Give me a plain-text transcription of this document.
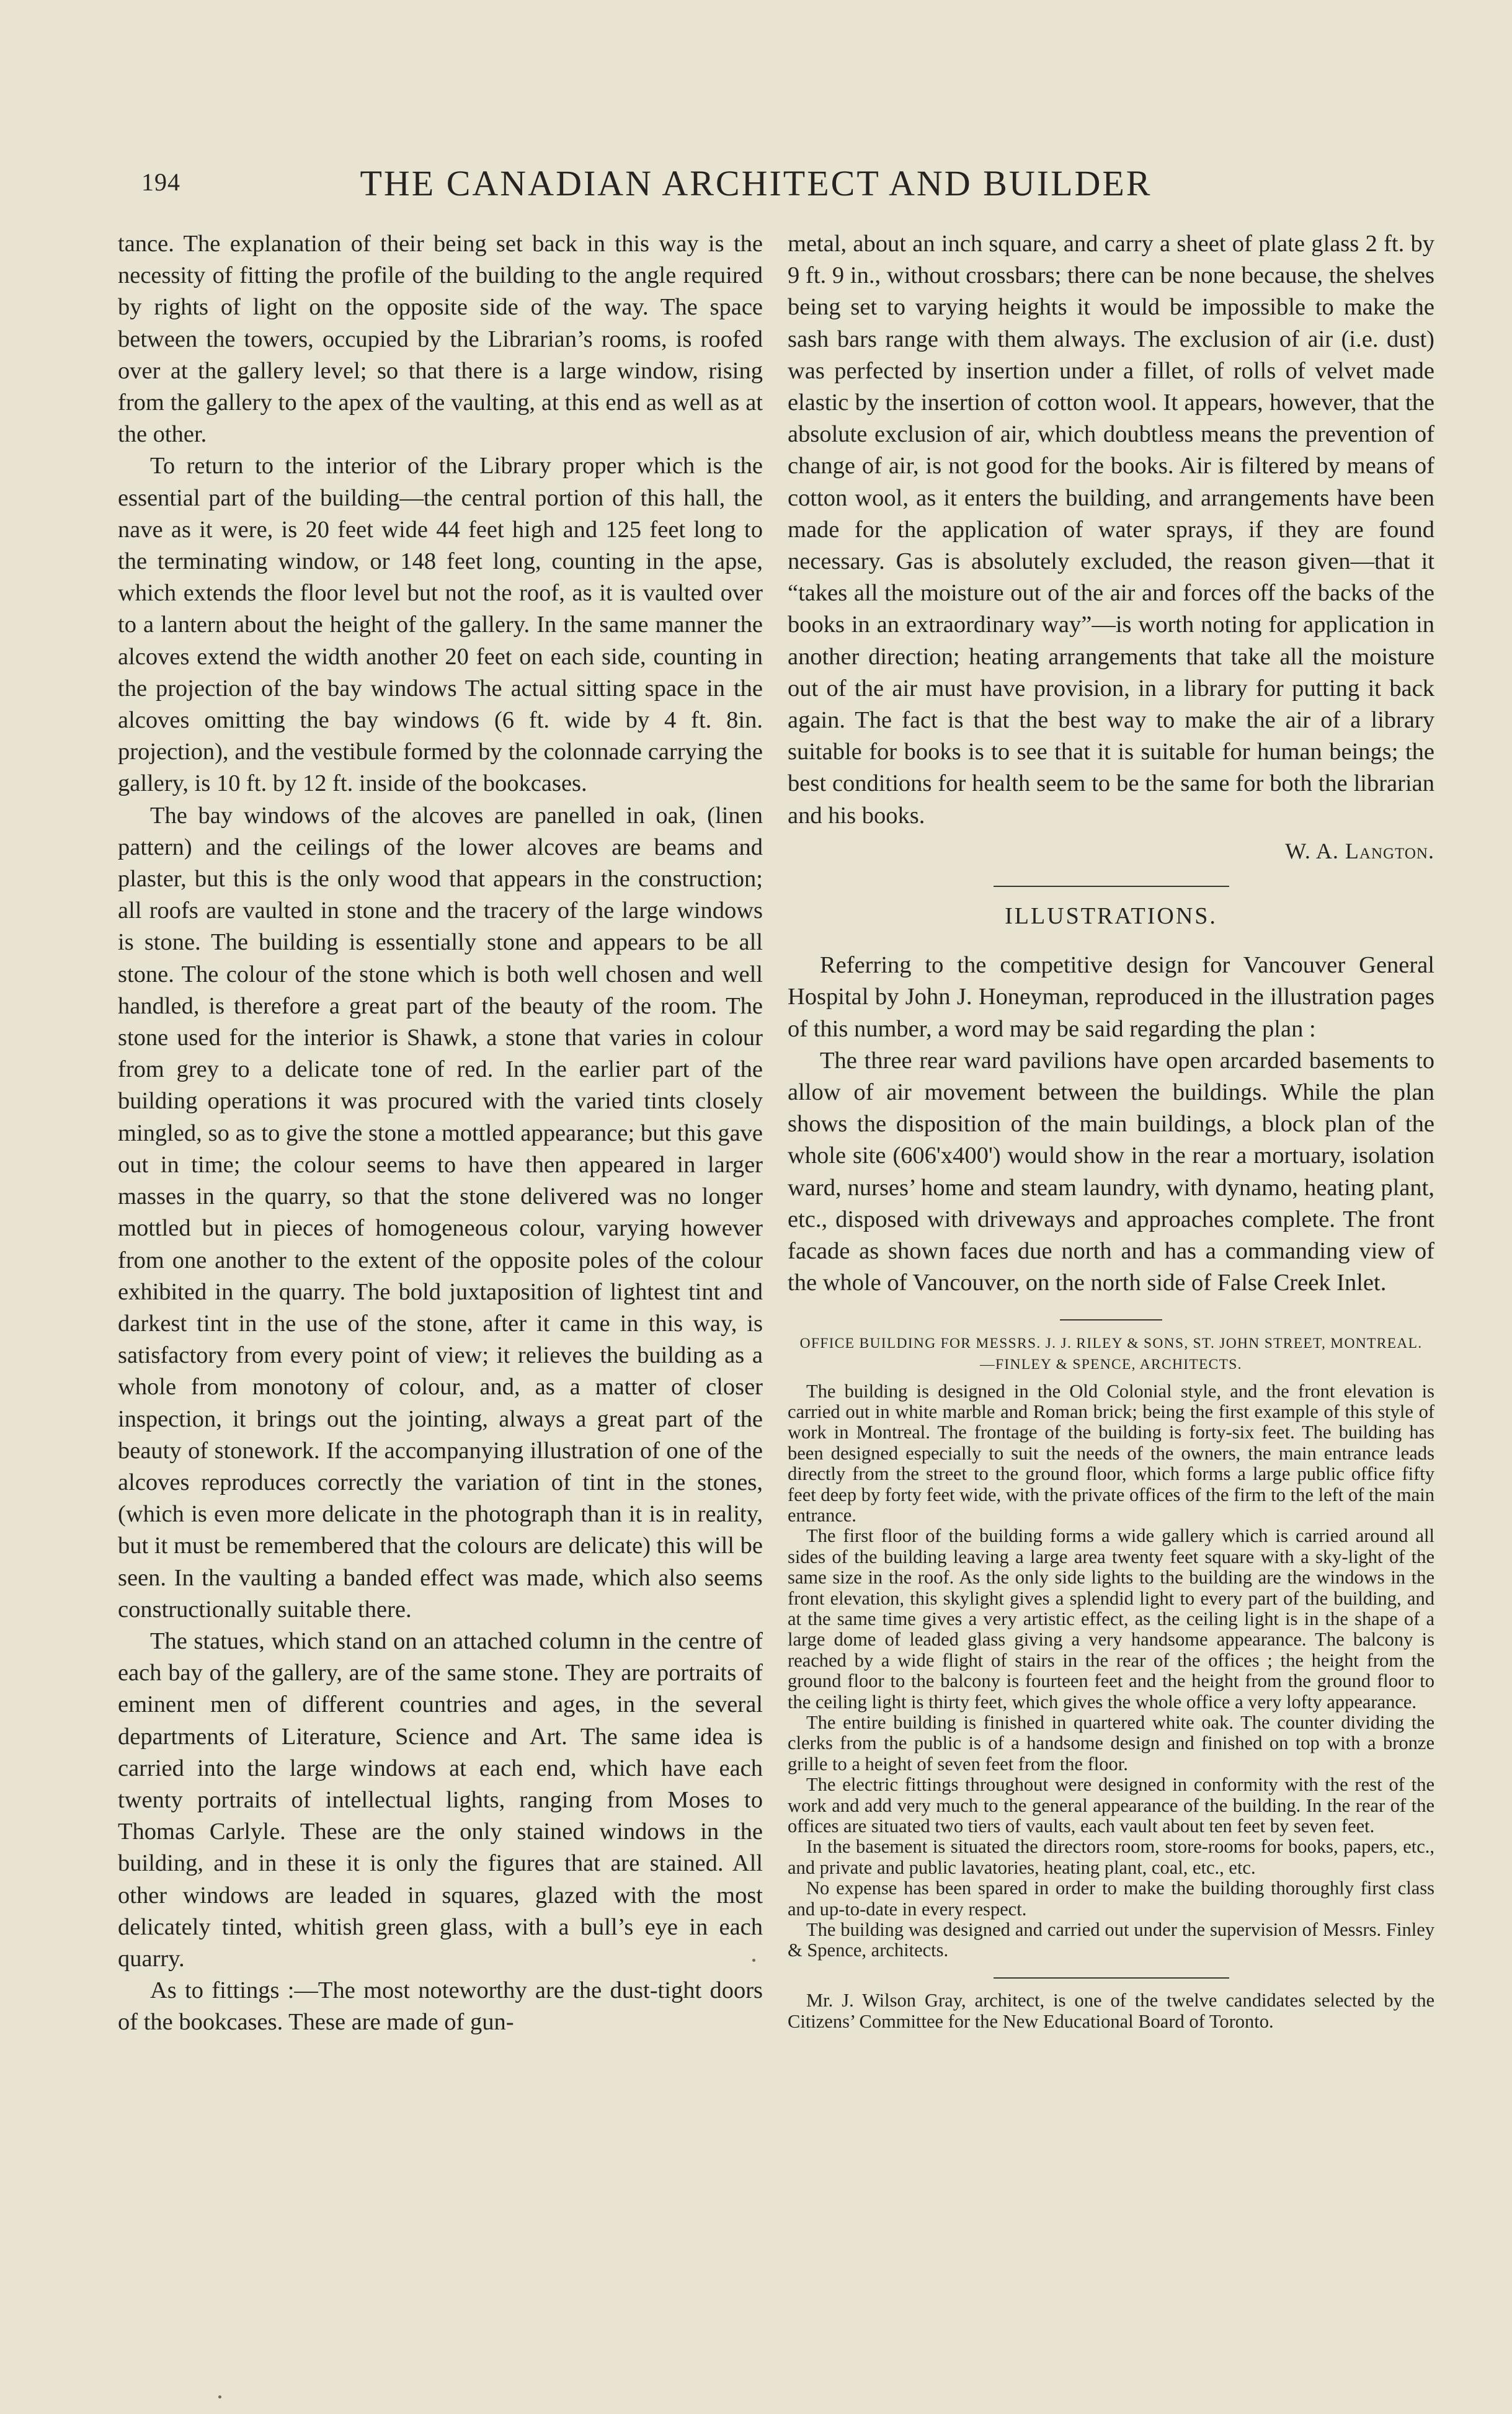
194	THE CANADIAN ARCHITECT AND BUILDER

tance. The explanation of their being set back in this way is the necessity of fitting the profile of the building to the angle required by rights of light on the opposite side of the way. The space between the towers, occupied by the Librarian’s rooms, is roofed over at the gallery level; so that there is a large window, rising from the gallery to the apex of the vaulting, at this end as well as at the other.

To return to the interior of the Library proper which is the essential part of the building—the central portion of this hall, the nave as it were, is 20 feet wide 44 feet high and 125 feet long to the terminating window, or 148 feet long, counting in the apse, which extends the floor level but not the roof, as it is vaulted over to a lantern about the height of the gallery. In the same manner the alcoves extend the width another 20 feet on each side, counting in the projection of the bay windows The actual sitting space in the alcoves omitting the bay windows (6 ft. wide by 4 ft. 8in. projection), and the vestibule formed by the colonnade carrying the gallery, is 10 ft. by 12 ft. inside of the bookcases.

The bay windows of the alcoves are panelled in oak, (linen pattern) and the ceilings of the lower alcoves are beams and plaster, but this is the only wood that appears in the construction; all roofs are vaulted in stone and the tracery of the large windows is stone. The building is essentially stone and appears to be all stone. The colour of the stone which is both well chosen and well handled, is therefore a great part of the beauty of the room. The stone used for the interior is Shawk, a stone that varies in colour from grey to a delicate tone of red. In the earlier part of the building operations it was procured with the varied tints closely mingled, so as to give the stone a mottled appearance; but this gave out in time; the colour seems to have then appeared in larger masses in the quarry, so that the stone delivered was no longer mottled but in pieces of homogeneous colour, varying however from one another to the extent of the opposite poles of the colour exhibited in the quarry. The bold juxtaposition of lightest tint and darkest tint in the use of the stone, after it came in this way, is satisfactory from every point of view; it relieves the building as a whole from monotony of colour, and, as a matter of closer inspection, it brings out the jointing, always a great part of the beauty of stonework. If the accompanying illustration of one of the alcoves reproduces correctly the variation of tint in the stones, (which is even more delicate in the photograph than it is in reality, but it must be remembered that the colours are delicate) this will be seen. In the vaulting a banded effect was made, which also seems constructionally suitable there.

The statues, which stand on an attached column in the centre of each bay of the gallery, are of the same stone. They are portraits of eminent men of different countries and ages, in the several departments of Literature, Science and Art. The same idea is carried into the large windows at each end, which have each twenty portraits of intellectual lights, ranging from Moses to Thomas Carlyle. These are the only stained windows in the building, and in these it is only the figures that are stained. All other windows are leaded in squares, glazed with the most delicately tinted, whitish green glass, with a bull’s eye in each quarry.

As to fittings :—The most noteworthy are the dust-tight doors of the bookcases. These are made of gun-

metal, about an inch square, and carry a sheet of plate glass 2 ft. by 9 ft. 9 in., without crossbars; there can be none because, the shelves being set to varying heights it would be impossible to make the sash bars range with them always. The exclusion of air (i.e. dust) was perfected by insertion under a fillet, of rolls of velvet made elastic by the insertion of cotton wool. It appears, however, that the absolute exclusion of air, which doubtless means the prevention of change of air, is not good for the books. Air is filtered by means of cotton wool, as it enters the building, and arrangements have been made for the application of water sprays, if they are found necessary. Gas is absolutely excluded, the reason given—that it “takes all the moisture out of the air and forces off the backs of the books in an extraordinary way”—is worth noting for application in another direction; heating arrangements that take all the moisture out of the air must have provision, in a library for putting it back again. The fact is that the best way to make the air of a library suitable for books is to see that it is suitable for human beings; the best conditions for health seem to be the same for both the librarian and his books.

W. A. Langton.
ILLUSTRATIONS.

Referring to the competitive design for Vancouver General Hospital by John J. Honeyman, reproduced in the illustration pages of this number, a word may be said regarding the plan :

The three rear ward pavilions have open arcarded basements to allow of air movement between the buildings. While the plan shows the disposition of the main buildings, a block plan of the whole site (606'x400') would show in the rear a mortuary, isolation ward, nurses’ home and steam laundry, with dynamo, heating plant, etc., disposed with driveways and approaches complete. The front facade as shown faces due north and has a commanding view of the whole of Vancouver, on the north side of False Creek Inlet.

OFFICE BUILDING FOR MESSRS. J. J. RILEY & SONS, ST. JOHN STREET, MONTREAL. —FINLEY & SPENCE, ARCHITECTS.

The building is designed in the Old Colonial style, and the front elevation is carried out in white marble and Roman brick; being the first example of this style of work in Montreal. The frontage of the building is forty-six feet. The building has been designed especially to suit the needs of the owners, the main entrance leads directly from the street to the ground floor, which forms a large public office fifty feet deep by forty feet wide, with the private offices of the firm to the left of the main entrance.

The first floor of the building forms a wide gallery which is carried around all sides of the building leaving a large area twenty feet square with a sky-light of the same size in the roof. As the only side lights to the building are the windows in the front elevation, this skylight gives a splendid light to every part of the building, and at the same time gives a very artistic effect, as the ceiling light is in the shape of a large dome of leaded glass giving a very handsome appearance. The balcony is reached by a wide flight of stairs in the rear of the offices ; the height from the ground floor to the balcony is fourteen feet and the height from the ground floor to the ceiling light is thirty feet, which gives the whole office a very lofty appearance.

The entire building is finished in quartered white oak. The counter dividing the clerks from the public is of a handsome design and finished on top with a bronze grille to a height of seven feet from the floor.

The electric fittings throughout were designed in conformity with the rest of the work and add very much to the general appearance of the building. In the rear of the offices are situated two tiers of vaults, each vault about ten feet by seven feet.

In the basement is situated the directors room, store-rooms for books, papers, etc., and private and public lavatories, heating plant, coal, etc., etc.

No expense has been spared in order to make the building thoroughly first class and up-to-date in every respect.

The building was designed and carried out under the supervision of Messrs. Finley & Spence, architects.

Mr. J. Wilson Gray, architect, is one of the twelve candidates selected by the Citizens’ Committee for the New Educational Board of Toronto.
